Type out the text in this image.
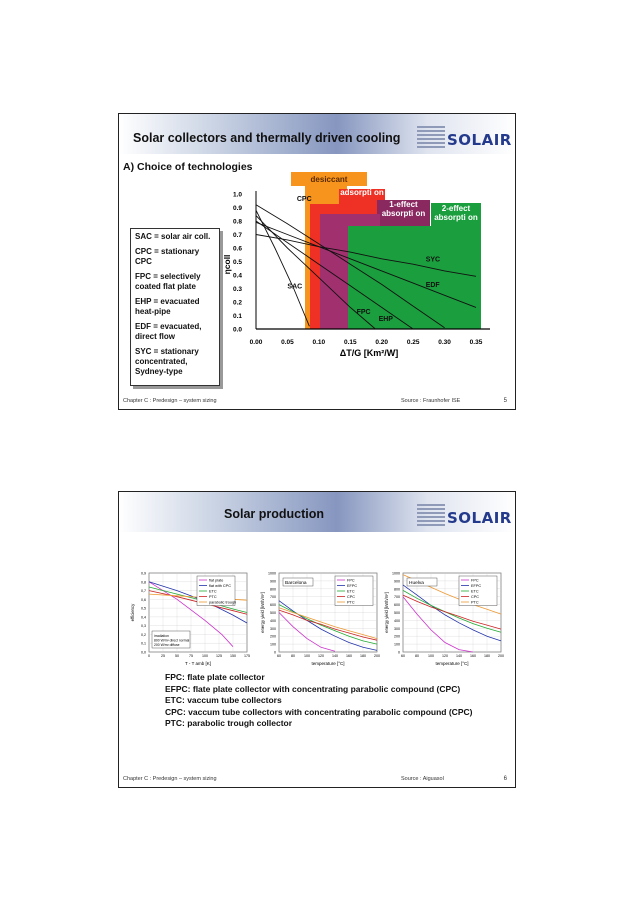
Solar collectors and thermally driven cooling	SOLAIR
A) Choice of technologies
desiccant
adsorpti on
1-effect absorpti on
2-effect absorpti on
0.0
0.1
0.2
0.3
0.4
0.5
0.6
0.7
0.8
0.9
1.0
0.00	0.05	0.10	0.15	0.20	0.25	0.30	0.35
ΔT/G [Km²/W]
ηcoll
CPC
SAC
FPC
EHP
EDF
SYC

SAC = solar air coll.

CPC = stationary CPC

FPC = selectively coated flat plate

EHP = evacuated heat-pipe

EDF = evacuated, direct flow

SYC = stationary concentrated, Sydney-type

Chapter C : Predesign – system sizing	Source : Fraunhofer ISE	5
Solar production	SOLAIR
0,0
0,1
0,2
0,3
0,4
0,5
0,6
0,7
0,8
0,9
0	25	50	75	100 125 150 175
T - T amb [K]
efficiency
flat plate
flat with CPC
ETC
PTC
parabolic trough
irradiation
800 W/m² direct normal
200 W/m² diffuse
0
100
200
300
400
500
600
700
800
900
1000
60	80	100 120 140 160 180 200
temperature [°C]
energy yield [kWh/m²]
FPC
EFPC
ETC
CPC
PTC
Barcelona
0
100
200
300
400
500
600
700
800
900
1000
60	80	100 120 140 160 180 200
temperature [°C]
energy yield [kWh/m²]
FPC
EFPC
ETC
CPC
PTC
Huelva
FPC: flate plate collector
EFPC: flate plate collector with concentrating parabolic compound (CPC)
ETC: vaccum tube collectors
CPC: vaccum tube collectors with concentrating parabolic compound (CPC)
PTC: parabolic trough collector
Chapter C : Predesign – system sizing	Source : Aiguasol	6
